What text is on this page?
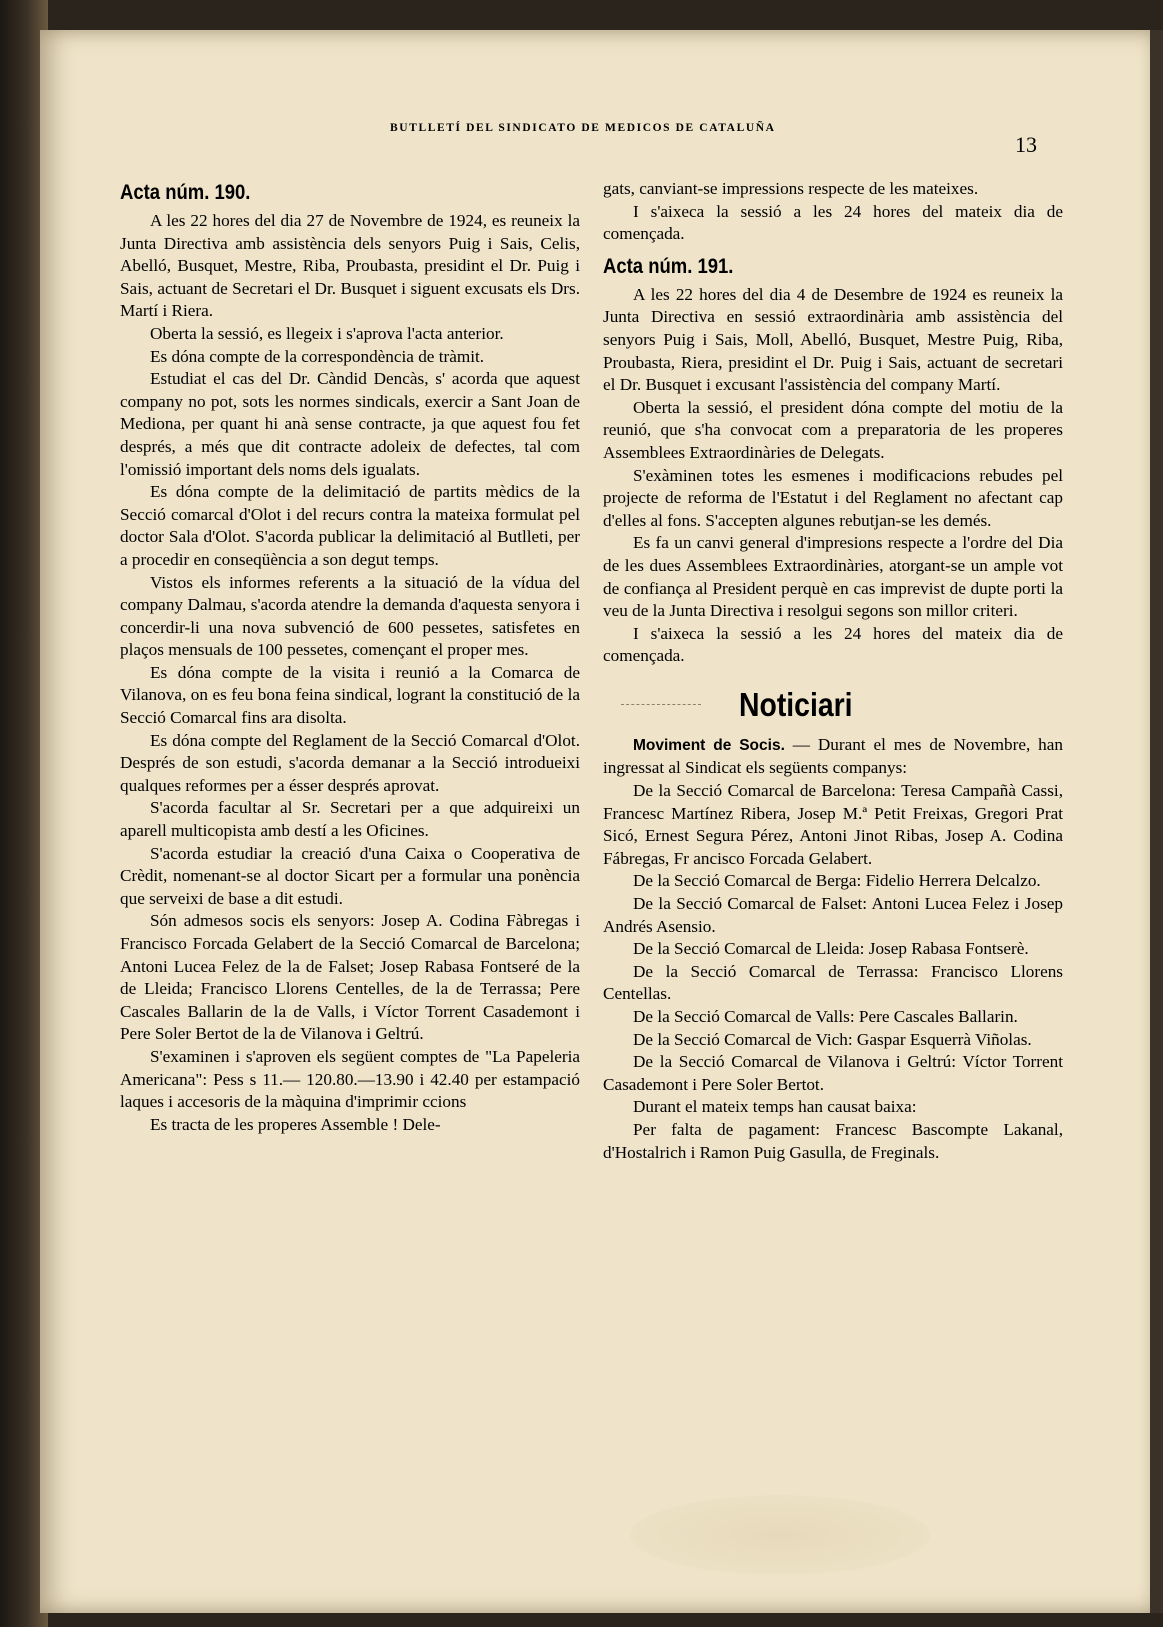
BUTLLETÍ DEL SINDICATO DE MEDICOS DE CATALUÑA
13
Acta núm. 190.

A les 22 hores del dia 27 de Novembre de 1924, es reuneix la Junta Directiva amb assistència dels senyors Puig i Sais, Celis, Abelló, Busquet, Mestre, Riba, Proubasta, presidint el Dr. Puig i Sais, actuant de Secretari el Dr. Busquet i siguent excusats els Drs. Martí i Riera.

Oberta la sessió, es llegeix i s'aprova l'acta anterior.

Es dóna compte de la correspondència de tràmit.

Estudiat el cas del Dr. Càndid Dencàs, s' acorda que aquest company no pot, sots les normes sindicals, exercir a Sant Joan de Mediona, per quant hi anà sense contracte, ja que aquest fou fet després, a més que dit contracte adoleix de defectes, tal com l'omissió important dels noms dels igualats.

Es dóna compte de la delimitació de partits mèdics de la Secció comarcal d'Olot i del recurs contra la mateixa formulat pel doctor Sala d'Olot. S'acorda publicar la delimitació al Butlleti, per a procedir en conseqüència a son degut temps.

Vistos els informes referents a la situació de la vídua del company Dalmau, s'acorda atendre la demanda d'aquesta senyora i concerdir-li una nova subvenció de 600 pessetes, satisfetes en plaços mensuals de 100 pessetes, començant el proper mes.

Es dóna compte de la visita i reunió a la Comarca de Vilanova, on es feu bona feina sindical, logrant la constitució de la Secció Comarcal fins ara disolta.

Es dóna compte del Reglament de la Secció Comarcal d'Olot. Després de son estudi, s'acorda demanar a la Secció introdueixi qualques reformes per a ésser després aprovat.

S'acorda facultar al Sr. Secretari per a que adquireixi un aparell multicopista amb destí a les Oficines.

S'acorda estudiar la creació d'una Caixa o Cooperativa de Crèdit, nomenant-se al doctor Sicart per a formular una ponència que serveixi de base a dit estudi.

Són admesos socis els senyors: Josep A. Codina Fàbregas i Francisco Forcada Gelabert de la Secció Comarcal de Barcelona; Antoni Lucea Felez de la de Falset; Josep Rabasa Fontseré de la de Lleida; Francisco Llorens Centelles, de la de Terrassa; Pere Cascales Ballarin de la de Valls, i Víctor Torrent Casademont i Pere Soler Bertot de la de Vilanova i Geltrú.

S'examinen i s'aproven els següent comptes de "La Papeleria Americana": Pess s 11.— 120.80.—13.90 i 42.40 per estampació laques i accesoris de la màquina d'imprimir ccions

Es tracta de les properes Assemble ! Dele-

gats, canviant-se impressions respecte de les mateixes.

I s'aixeca la sessió a les 24 hores del mateix dia de començada.

Acta núm. 191.

A les 22 hores del dia 4 de Desembre de 1924 es reuneix la Junta Directiva en sessió extraordinària amb assistència del senyors Puig i Sais, Moll, Abelló, Busquet, Mestre Puig, Riba, Proubasta, Riera, presidint el Dr. Puig i Sais, actuant de secretari el Dr. Busquet i excusant l'assistència del company Martí.

Oberta la sessió, el president dóna compte del motiu de la reunió, que s'ha convocat com a preparatoria de les properes Assemblees Extraordinàries de Delegats.

S'exàminen totes les esmenes i modificacions rebudes pel projecte de reforma de l'Estatut i del Reglament no afectant cap d'elles al fons. S'accepten algunes rebutjan-se les demés.

Es fa un canvi general d'impresions respecte a l'ordre del Dia de les dues Assemblees Extraordinàries, atorgant-se un ample vot de confiança al President perquè en cas imprevist de dupte porti la veu de la Junta Directiva i resolgui segons son millor criteri.

I s'aixeca la sessió a les 24 hores del mateix dia de començada.

Noticiari

Moviment de Socis. — Durant el mes de Novembre, han ingressat al Sindicat els següents companys:

De la Secció Comarcal de Barcelona: Teresa Campañà Cassi, Francesc Martínez Ribera, Josep M.ª Petit Freixas, Gregori Prat Sicó, Ernest Segura Pérez, Antoni Jinot Ribas, Josep A. Codina Fábregas, Fr ancisco Forcada Gelabert.

De la Secció Comarcal de Berga: Fidelio Herrera Delcalzo.

De la Secció Comarcal de Falset: Antoni Lucea Felez i Josep Andrés Asensio.

De la Secció Comarcal de Lleida: Josep Rabasa Fontserè.

De la Secció Comarcal de Terrassa: Francisco Llorens Centellas.

De la Secció Comarcal de Valls: Pere Cascales Ballarin.

De la Secció Comarcal de Vich: Gaspar Esquerrà Viñolas.

De la Secció Comarcal de Vilanova i Geltrú: Víctor Torrent Casademont i Pere Soler Bertot.

Durant el mateix temps han causat baixa:

Per falta de pagament: Francesc Bascompte Lakanal, d'Hostalrich i Ramon Puig Gasulla, de Freginals.
